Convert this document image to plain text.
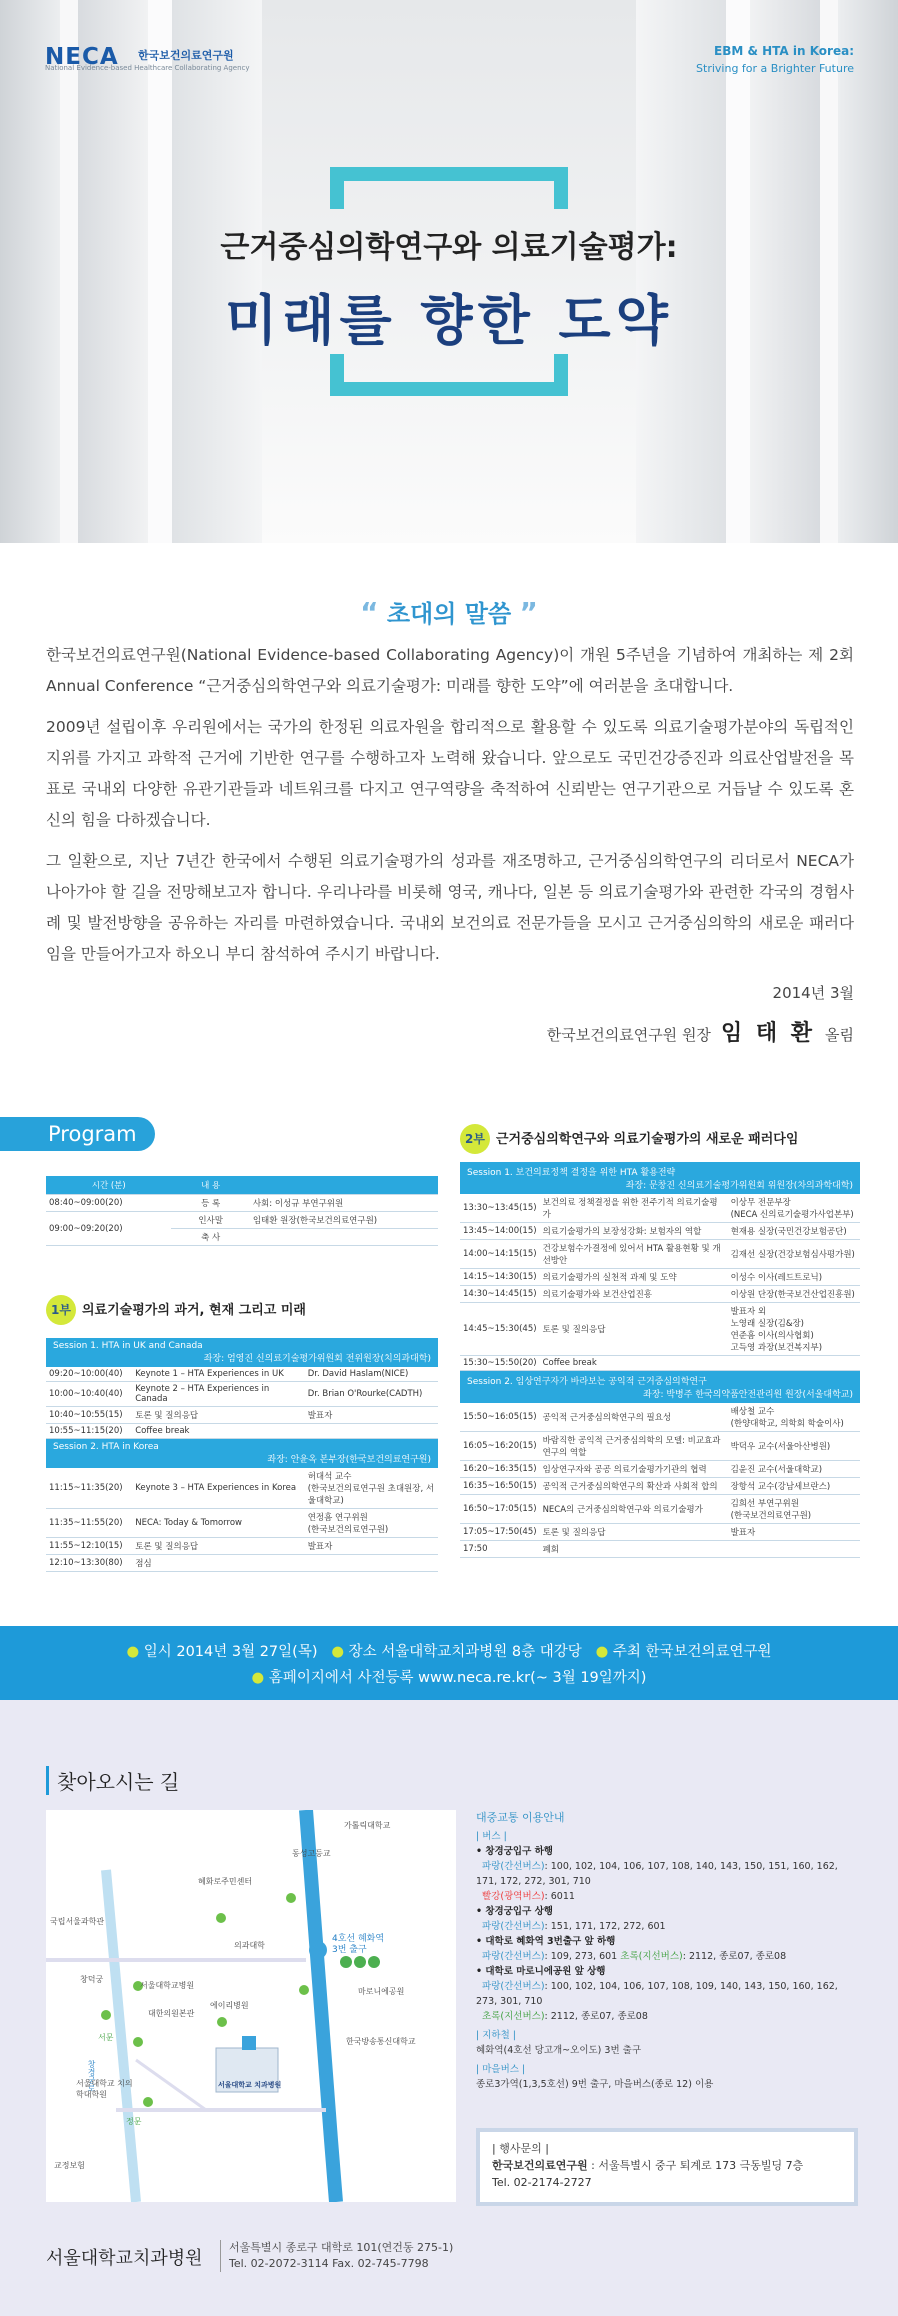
NECA 한국보건의료연구원
National Evidence-based Healthcare Collaborating Agency
EBM & HTA in Korea:
Striving for a Brighter Future
근거중심의학연구와 의료기술평가:
미래를 향한 도약
“ 초대의 말씀 ”
한국보건의료연구원(National Evidence-based Collaborating Agency)이 개원 5주년을 기념하여 개최하는 제 2회 Annual Conference “근거중심의학연구와 의료기술평가: 미래를 향한 도약”에 여러분을 초대합니다.
2009년 설립이후 우리원에서는 국가의 한정된 의료자원을 합리적으로 활용할 수 있도록 의료기술평가분야의 독립적인 지위를 가지고 과학적 근거에 기반한 연구를 수행하고자 노력해 왔습니다. 앞으로도 국민건강증진과 의료산업발전을 목표로 국내외 다양한 유관기관들과 네트워크를 다지고 연구역량을 축적하여 신뢰받는 연구기관으로 거듭날 수 있도록 혼신의 힘을 다하겠습니다.
그 일환으로, 지난 7년간 한국에서 수행된 의료기술평가의 성과를 재조명하고, 근거중심의학연구의 리더로서 NECA가 나아가야 할 길을 전망해보고자 합니다. 우리나라를 비롯해 영국, 캐나다, 일본 등 의료기술평가와 관련한 각국의 경험사례 및 발전방향을 공유하는 자리를 마련하였습니다. 국내외 보건의료 전문가들을 모시고 근거중심의학의 새로운 패러다임을 만들어가고자 하오니 부디 참석하여 주시기 바랍니다.
2014년 3월
한국보건의료연구원 원장 임 태 환 올림
Program
시간 (분)	내 용	
08:40~09:00(20)	등 록	사회: 이성규 부연구위원
09:00~09:20(20)	인사말	임태환 원장(한국보건의료연구원)
	축 사	
1부 의료기술평가의 과거, 현재 그리고 미래
Session 1. HTA in UK and Canada
좌장: 엄영진 신의료기술평가위원회 전위원장(치의과대학)
09:20~10:00(40)	Keynote 1 – HTA Experiences in UK	Dr. David Haslam(NICE)
10:00~10:40(40)	Keynote 2 – HTA Experiences in Canada	Dr. Brian O'Rourke(CADTH)
10:40~10:55(15)	토론 및 질의응답	발표자
10:55~11:15(20)	Coffee break	
Session 2. HTA in Korea
좌장: 안윤옥 본부장(한국보건의료연구원)
11:15~11:35(20)	Keynote 3 – HTA Experiences in Korea	허대석 교수
(한국보건의료연구원 초대원장, 서울대학교)
11:35~11:55(20)	NECA: Today & Tomorrow	연정흠 연구위원
(한국보건의료연구원)
11:55~12:10(15)	토론 및 질의응답	발표자
12:10~13:30(80)	점심	
2부 근거중심의학연구와 의료기술평가의 새로운 패러다임
Session 1. 보건의료정책 결정을 위한 HTA 활용전략
좌장: 문창진 신의료기술평가위원회 위원장(차의과학대학)
13:30~13:45(15)	보건의료 정책결정을 위한 전주기적 의료기술평가	이상무 전문부장
(NECA 신의료기술평가사업본부)
13:45~14:00(15)	의료기술평가의 보장성강화: 보험자의 역할	현재용 실장(국민건강보험공단)
14:00~14:15(15)	건강보험수가결정에 있어서 HTA 활용현황 및 개선방안	김재선 실장(건강보험심사평가원)
14:15~14:30(15)	의료기술평가의 실천적 과제 및 도약	이성수 이사(레드트로닉)
14:30~14:45(15)	의료기술평가와 보건산업진흥	이상원 단장(한국보건산업진흥원)
14:45~15:30(45)	토론 및 질의응답	발표자 외
노영래 실장(김&장)
연준흠 이사(의사협회)
고득영 과장(보건복지부)
15:30~15:50(20)	Coffee break	
Session 2. 임상연구자가 바라보는 공익적 근거중심의학연구
좌장: 박병주 한국의약품안전관리원 원장(서울대학교)
15:50~16:05(15)	공익적 근거중심의학연구의 필요성	배상철 교수
(한양대학교, 의학회 학술이사)
16:05~16:20(15)	바람직한 공익적 근거중심의학의 모델: 비교효과연구의 역할	박덕우 교수(서울아산병원)
16:20~16:35(15)	임상연구자와 공공 의료기술평가기관의 협력	김윤진 교수(서울대학교)
16:35~16:50(15)	공익적 근거중심의학연구의 확산과 사회적 합의	장항석 교수(강남세브란스)
16:50~17:05(15)	NECA의 근거중심의학연구와 의료기술평가	김희선 부연구위원
(한국보건의료연구원)
17:05~17:50(45)	토론 및 질의응답	발표자
17:50	폐회	
● 일시 2014년 3월 27일(목) ● 장소 서울대학교치과병원 8층 대강당 ● 주최 한국보건의료연구원
● 홈페이지에서 사전등록 www.neca.re.kr(~ 3월 19일까지)
찾아오시는 길
가톨릭대학교
동성고등교
혜화로주민센터
4호선 혜화역
3번 출구
의과대학
국립서울과학관
창덕궁
서울대학교병원
대한의원본관
에이리병원
마로니에공원
한국방송통신대학교
서울대학교 치과병원
서문
정문
대학로
창경궁로
서울대학교 치의학대학원
교정보험
서울대학교치과병원
서울특별시 종로구 대학로 101(연건동 275-1)
Tel. 02-2072-3114 Fax. 02-745-7798
대중교통 이용안내
| 버스 |
• 창경궁입구 하행
파랑(간선버스): 100, 102, 104, 106, 107, 108, 140, 143, 150, 151, 160, 162, 171, 172, 272, 301, 710
빨강(광역버스): 6011
• 창경궁입구 상행
파랑(간선버스): 151, 171, 172, 272, 601
• 대학로 혜화역 3번출구 앞 하행
파랑(간선버스): 109, 273, 601 초록(지선버스): 2112, 종로07, 종로08
• 대학로 마로니에공원 앞 상행
파랑(간선버스): 100, 102, 104, 106, 107, 108, 109, 140, 143, 150, 160, 162, 273, 301, 710
초록(지선버스): 2112, 종로07, 종로08
| 지하철 |
혜화역(4호선 당고개~오이도) 3번 출구
| 마을버스 |
종로3가역(1,3,5호선) 9번 출구, 마을버스(종로 12) 이용
| 행사문의 |
한국보건의료연구원 : 서울특별시 중구 퇴계로 173 극동빌딩 7층
Tel. 02-2174-2727
